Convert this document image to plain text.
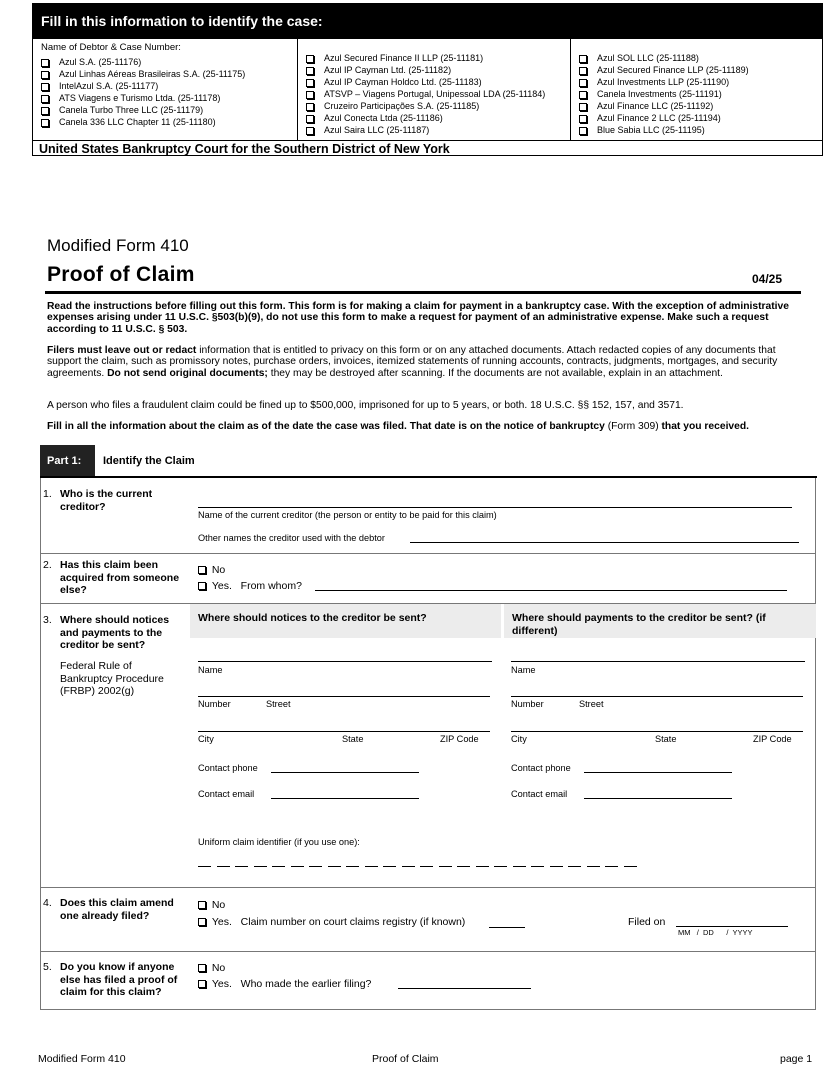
Fill in this information to identify the case:
Name of Debtor & Case Number:
Azul S.A. (25-11176)
Azul Linhas Aéreas Brasileiras S.A. (25-11175)
IntelAzul S.A. (25-11177)
ATS Viagens e Turismo Ltda. (25-11178)
Canela Turbo Three LLC (25-11179)
Canela 336 LLC Chapter 11 (25-11180)
Azul Secured Finance II LLP (25-11181)
Azul IP Cayman Ltd. (25-11182)
Azul IP Cayman Holdco Ltd. (25-11183)
ATSVP – Viagens Portugal, Unipessoal LDA (25-11184)
Cruzeiro Participações S.A. (25-11185)
Azul Conecta Ltda (25-11186)
Azul Saira LLC (25-11187)
Azul SOL LLC (25-11188)
Azul Secured Finance LLP (25-11189)
Azul Investments LLP (25-11190)
Canela Investments (25-11191)
Azul Finance LLC (25-11192)
Azul Finance 2 LLC (25-11194)
Blue Sabia LLC (25-11195)
United States Bankruptcy Court for the Southern District of New York
Modified Form 410
Proof of Claim	04/25
Read the instructions before filling out this form. This form is for making a claim for payment in a bankruptcy case. With the exception of administrative expenses arising under 11 U.S.C. §503(b)(9), do not use this form to make a request for payment of an administrative expense. Make such a request according to 11 U.S.C. § 503.
Filers must leave out or redact information that is entitled to privacy on this form or on any attached documents. Attach redacted copies of any documents that support the claim, such as promissory notes, purchase orders, invoices, itemized statements of running accounts, contracts, judgments, mortgages, and security agreements. Do not send original documents; they may be destroyed after scanning. If the documents are not available, explain in an attachment.
A person who files a fraudulent claim could be fined up to $500,000, imprisoned for up to 5 years, or both. 18 U.S.C. §§ 152, 157, and 3571.
Fill in all the information about the claim as of the date the case was filed. That date is on the notice of bankruptcy (Form 309) that you received.
Part 1:	Identify the Claim
1. Who is the current creditor?
Name of the current creditor (the person or entity to be paid for this claim)
Other names the creditor used with the debtor
2. Has this claim been acquired from someone else?
No
Yes. From whom?
3. Where should notices and payments to the creditor be sent?
Federal Rule of Bankruptcy Procedure (FRBP) 2002(g)
Where should notices to the creditor be sent?	Where should payments to the creditor be sent? (if different)
Name
Number	Street
City	State	ZIP Code
Contact phone
Contact email
Name
Number	Street
City	State	ZIP Code
Contact phone
Contact email
Uniform claim identifier (if you use one):
4. Does this claim amend one already filed?
No
Yes. Claim number on court claims registry (if known)	Filed on
MM   /  DD      /  YYYY
5. Do you know if anyone else has filed a proof of claim for this claim?
No
Yes. Who made the earlier filing?
Modified Form 410	Proof of Claim	page 1
